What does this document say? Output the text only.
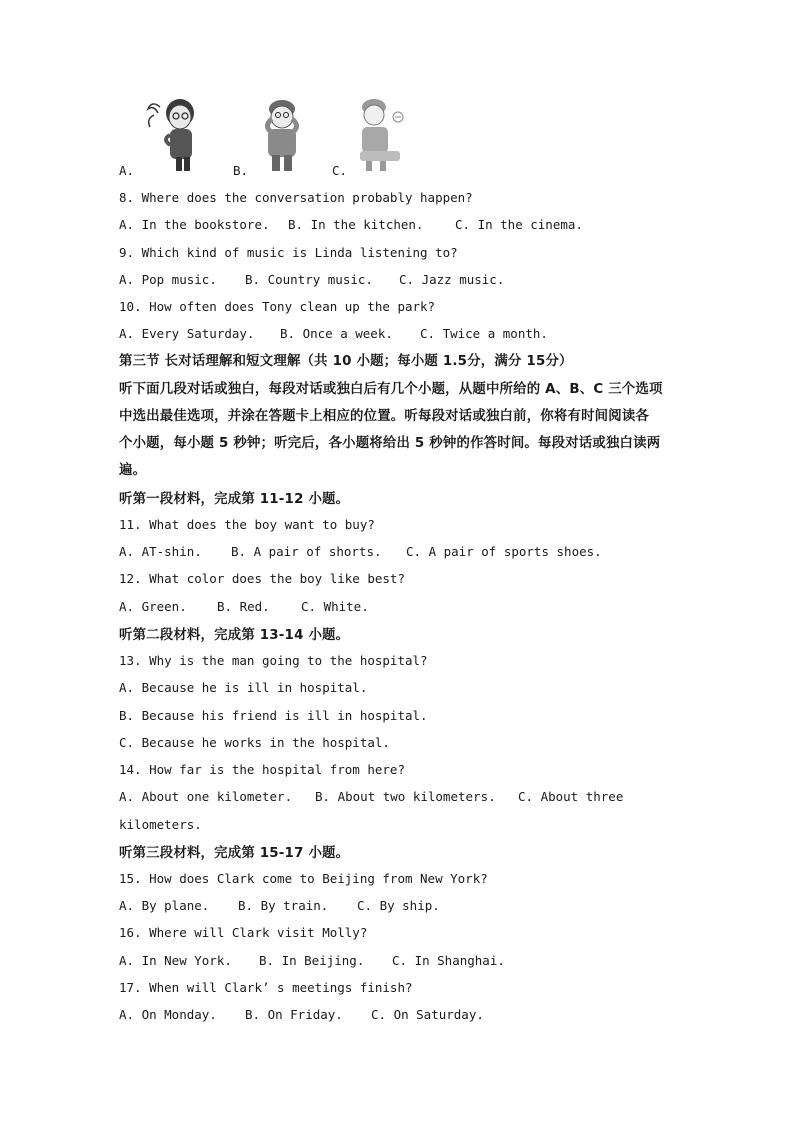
A.	B.	C.
8. Where does the conversation probably happen?
A. In the bookstore. B. In the kitchen.	C. In the cinema.
9. Which kind of music is Linda listening to?
A. Pop music. B. Country music. C. Jazz music.
10. How often does Tony clean up the park?
A. Every Saturday. B. Once a week. C. Twice a month.
第三节 长对话理解和短文理解（共 10 小题；每小题 1.5分，满分 15分）
听下面几段对话或独白，每段对话或独白后有几个小题，从题中所给的 A、B、C 三个选项
中选出最佳选项，并涂在答题卡上相应的位置。听每段对话或独白前，你将有时间阅读各
个小题，每小题 5 秒钟；听完后，各小题将给出 5 秒钟的作答时间。每段对话或独白读两
遍。
听第一段材料，完成第 11-12 小题。
11. What does the boy want to buy?
A. AT-shin. B. A pair of shorts. C. A pair of sports shoes.
12. What color does the boy like best?
A. Green. B. Red.	C. White.
听第二段材料，完成第 13-14 小题。
13. Why is the man going to the hospital?
A. Because he is ill in hospital.
B. Because his friend is ill in hospital.
C. Because he works in the hospital.
14. How far is the hospital from here?
A. About one kilometer. B. About two kilometers. C. About three
kilometers.
听第三段材料，完成第 15-17 小题。
15. How does Clark come to Beijing from New York?
A. By plane. B. By train. C. By ship.
16. Where will Clark visit Molly?
A. In New York. B. In Beijing. C. In Shanghai.
17. When will Clark’ s meetings finish?
A. On Monday. B. On Friday. C. On Saturday.
